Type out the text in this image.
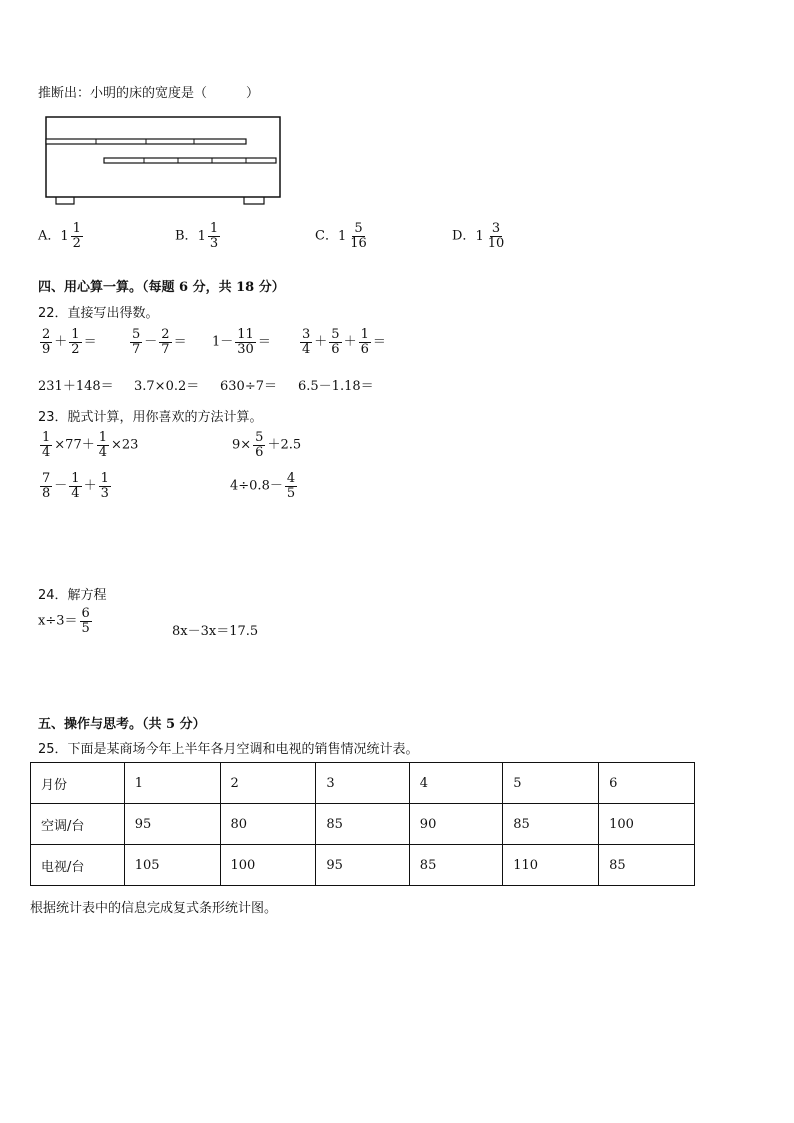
推断出：小明的床的宽度是（　　　）
A． $1 \frac{1}{2}$	B． $1 \frac{1}{3}$	C． $1 \frac{5}{16}$	D． $1 \frac{3}{10}$
四、用心算一算。（每题 6 分，共 18 分）
22．直接写出得数。
$\frac{2}{9} + \frac{1}{2}$ ＝	$\frac{5}{7} - \frac{2}{7} = 1- \frac{11}{30} = \frac{3}{4} + \frac{5}{6} + \frac{1}{6}$ ＝
231＋148＝ 3.7×0.2＝ 630÷7＝ 6.5－1.18＝
23．脱式计算，用你喜欢的方法计算。
$\frac{1}{4} \times 77+ \frac{1}{4} \times 23$	$9\times \frac{5}{6} +2.5$
$\frac{7}{8} - \frac{1}{4} + \frac{1}{3}$	$4\div 0.8- \frac{4}{5}$
24．解方程
$x\div 3= \frac{6}{5}$	8x－3x＝17.5
五、操作与思考。（共 5 分）
25．下面是某商场今年上半年各月空调和电视的销售情况统计表。
月份	1	2	3	4	5	6
空调/台	95	80	85	90	85	100
电视/台	105	100	95	85	110	85
根据统计表中的信息完成复式条形统计图。
